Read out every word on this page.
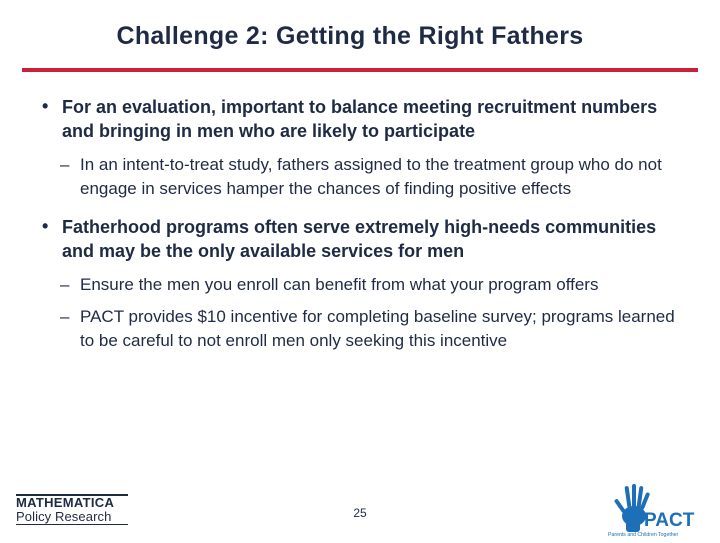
Challenge 2: Getting the Right Fathers
• For an evaluation, important to balance meeting recruitment numbers and bringing in men who are likely to participate
– In an intent-to-treat study, fathers assigned to the treatment group who do not engage in services hamper the chances of finding positive effects
• Fatherhood programs often serve extremely high-needs communities and may be the only available services for men
– Ensure the men you enroll can benefit from what your program offers
– PACT provides $10 incentive for completing baseline survey; programs learned to be careful to not enroll men only seeking this incentive
MATHEMATICA
Policy Research	25	PACT
Parents and Children Together
